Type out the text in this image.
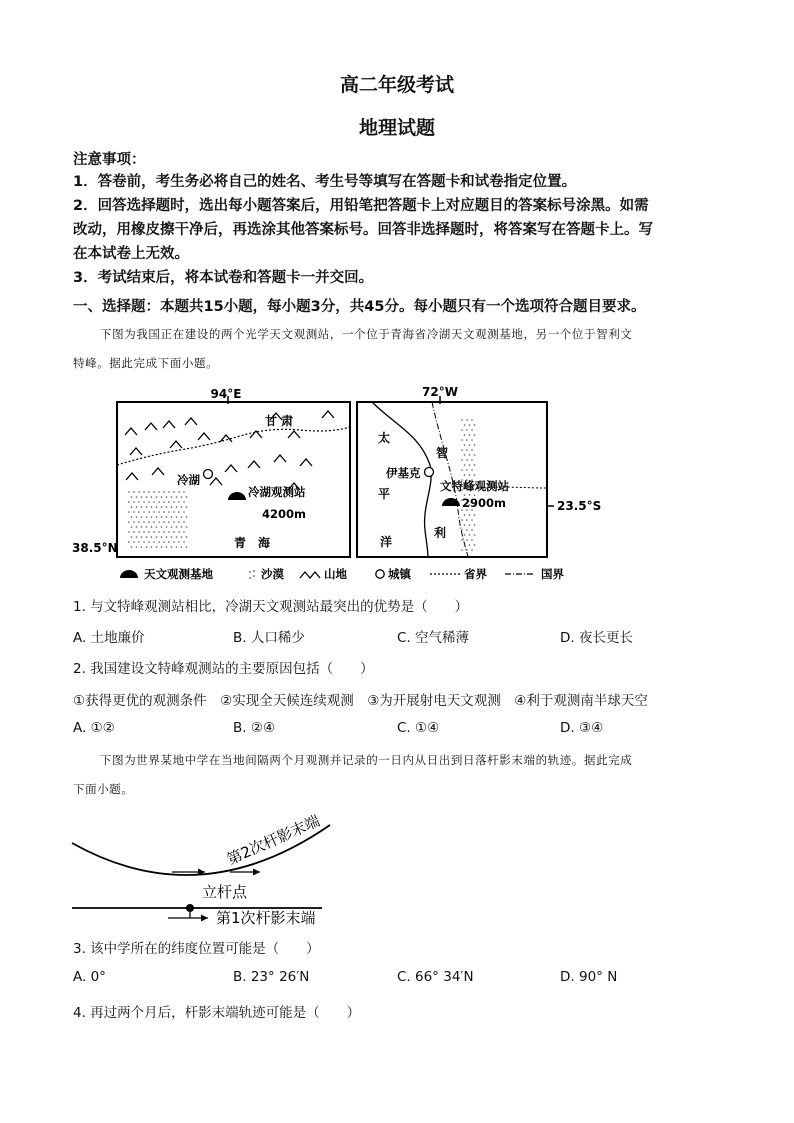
高二年级考试
地理试题
注意事项：
1．答卷前，考生务必将自己的姓名、考生号等填写在答题卡和试卷指定位置。
2．回答选择题时，选出每小题答案后，用铅笔把答题卡上对应题目的答案标号涂黑。如需
改动，用橡皮擦干净后，再选涂其他答案标号。回答非选择题时，将答案写在答题卡上。写
在本试卷上无效。
3．考试结束后，将本试卷和答题卡一并交回。
一、选择题：本题共15小题，每小题3分，共45分。每小题只有一个选项符合题目要求。
下图为我国正在建设的两个光学天文观测站，一个位于青海省冷湖天文观测基地，另一个位于智利文
特峰。据此完成下面小题。
94°E
38.5°N
甘 肃
青　海
冷湖
冷湖观测站
4200m
72°W
23.5°S
太
平
洋
智
利
伊基克
文特峰观测站
2900m
天文观测基地	沙漠	山地	城镇	省界	国界
1. 与文特峰观测站相比，冷湖天文观测站最突出的优势是（　　）
A. 土地廉价	B. 人口稀少	C. 空气稀薄	D. 夜长更长
2. 我国建设文特峰观测站的主要原因包括（　　）
①获得更优的观测条件　②实现全天候连续观测　③为开展射电天文观测　④利于观测南半球天空
A. ①②	B. ②④	C. ①④	D. ③④
下图为世界某地中学在当地间隔两个月观测并记录的一日内从日出到日落杆影末端的轨迹。据此完成
下面小题。
第2次杆影末端
立杆点
第1次杆影末端
3. 该中学所在的纬度位置可能是（　　）
A. 0°	B. 23° 26′N	C. 66° 34′N	D. 90° N
4. 再过两个月后，杆影末端轨迹可能是（　　）
